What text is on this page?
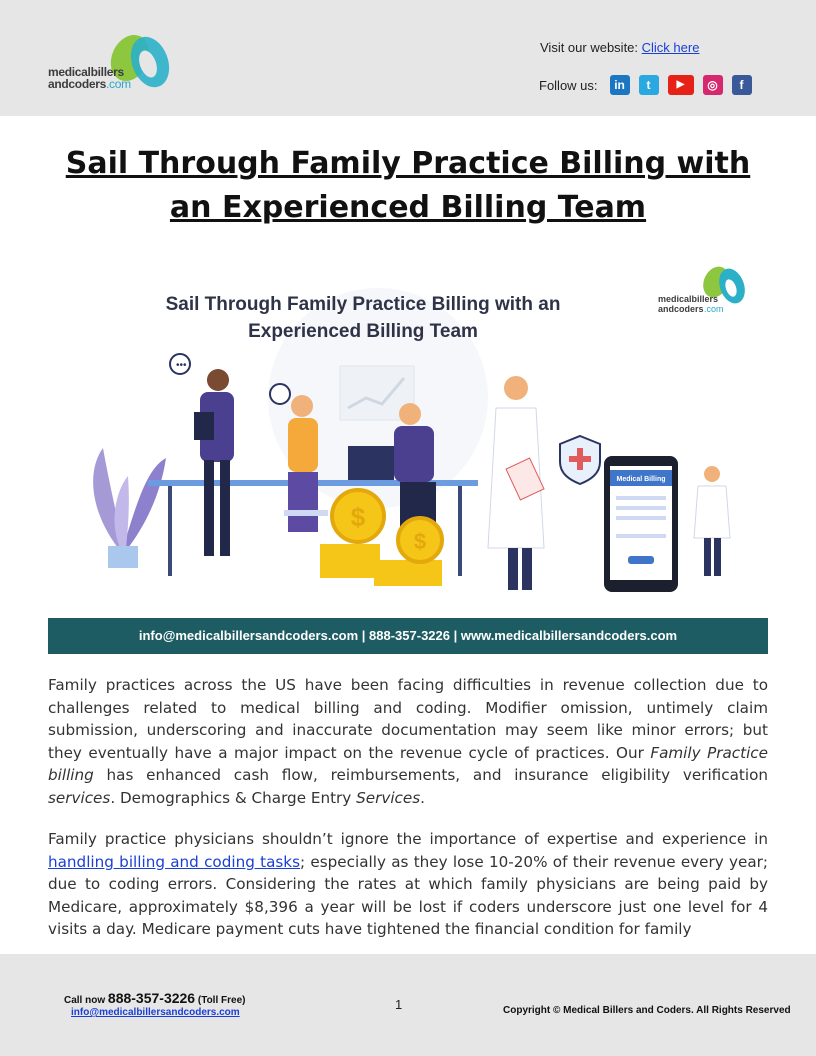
medicalbillers
andcoders.com
Visit our website: Click here
Follow us:	in	t	▶	◎	f
Sail Through Family Practice Billing with an Experienced Billing Team
Sail Through Family Practice Billing with an
Experienced Billing Team
medicalbillers
andcoders .com
•••
$
$
Medical Billing
info@medicalbillersandcoders.com | 888-357-3226 | www.medicalbillersandcoders.com
Family practices across the US have been facing difficulties in revenue collection due to challenges related to medical billing and coding. Modifier omission, untimely claim submission, underscoring and inaccurate documentation may seem like minor errors; but they eventually have a major impact on the revenue cycle of practices. Our Family Practice billing has enhanced cash flow, reimbursements, and insurance eligibility verification services. Demographics & Charge Entry Services.
Family practice physicians shouldn’t ignore the importance of expertise and experience in handling billing and coding tasks; especially as they lose 10-20% of their revenue every year; due to coding errors. Considering the rates at which family physicians are being paid by Medicare, approximately $8,396 a year will be lost if coders underscore just one level for 4 visits a day. Medicare payment cuts have tightened the financial condition for family
Call now 888-357-3226 (Toll Free)
info@medicalbillersandcoders.com
1	Copyright © Medical Billers and Coders. All Rights Reserved
